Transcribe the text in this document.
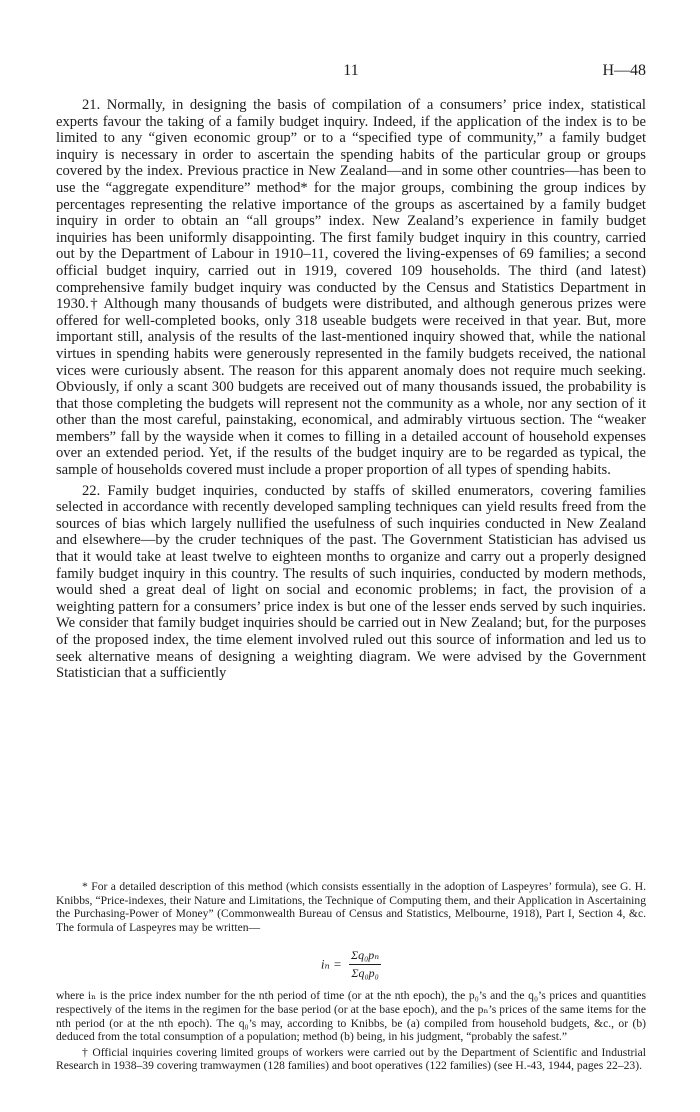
11	H—48

21. Normally, in designing the basis of compilation of a consumers’ price index, statistical experts favour the taking of a family budget inquiry. Indeed, if the application of the index is to be limited to any “given economic group” or to a “specified type of community,” a family budget inquiry is necessary in order to ascertain the spending habits of the particular group or groups covered by the index. Previous practice in New Zealand—and in some other countries—has been to use the “aggregate expenditure” method* for the major groups, combining the group indices by percentages representing the relative importance of the groups as ascertained by a family budget inquiry in order to obtain an “all groups” index. New Zealand’s experience in family budget inquiries has been uniformly disappointing. The first family budget inquiry in this country, carried out by the Department of Labour in 1910–11, covered the living-expenses of 69 families; a second official budget inquiry, carried out in 1919, covered 109 households. The third (and latest) comprehensive family budget inquiry was conducted by the Census and Statistics Department in 1930.† Although many thousands of budgets were distributed, and although generous prizes were offered for well-completed books, only 318 useable budgets were received in that year. But, more important still, analysis of the results of the last-mentioned inquiry showed that, while the national virtues in spending habits were generously represented in the family budgets received, the national vices were curiously absent. The reason for this apparent anomaly does not require much seeking. Obviously, if only a scant 300 budgets are received out of many thousands issued, the probability is that those completing the budgets will represent not the community as a whole, nor any section of it other than the most careful, painstaking, economical, and admirably virtuous section. The “weaker members” fall by the wayside when it comes to filling in a detailed account of household expenses over an extended period. Yet, if the results of the budget inquiry are to be regarded as typical, the sample of households covered must include a proper proportion of all types of spending habits.

22. Family budget inquiries, conducted by staffs of skilled enumerators, covering families selected in accordance with recently developed sampling techniques can yield results freed from the sources of bias which largely nullified the usefulness of such inquiries conducted in New Zealand and elsewhere—by the cruder techniques of the past. The Government Statistician has advised us that it would take at least twelve to eighteen months to organize and carry out a properly designed family budget inquiry in this country. The results of such inquiries, conducted by modern methods, would shed a great deal of light on social and economic problems; in fact, the provision of a weighting pattern for a consumers’ price index is but one of the lesser ends served by such inquiries. We consider that family budget inquiries should be carried out in New Zealand; but, for the purposes of the proposed index, the time element involved ruled out this source of information and led us to seek alternative means of designing a weighting diagram. We were advised by the Government Statistician that a sufficiently

* For a detailed description of this method (which consists essentially in the adoption of Laspeyres’ formula), see G. H. Knibbs, “Price-indexes, their Nature and Limitations, the Technique of Computing them, and their Application in Ascertaining the Purchasing-Power of Money” (Commonwealth Bureau of Census and Statistics, Melbourne, 1918), Part I, Section 4, &c. The formula of Laspeyres may be written—

$i_n = \frac{\text{Σq₀pₙ}}{\text{Σq₀p₀}}$

where iₙ is the price index number for the nth period of time (or at the nth epoch), the p₀’s and the q₀’s prices and quantities respectively of the items in the regimen for the base period (or at the base epoch), and the pₙ’s prices of the same items for the nth period (or at the nth epoch). The q₀’s may, according to Knibbs, be (a) compiled from household budgets, &c., or (b) deduced from the total consumption of a population; method (b) being, in his judgment, “probably the safest.”

† Official inquiries covering limited groups of workers were carried out by the Department of Scientific and Industrial Research in 1938–39 covering tramwaymen (128 families) and boot operatives (122 families) (see H.-43, 1944, pages 22–23).
